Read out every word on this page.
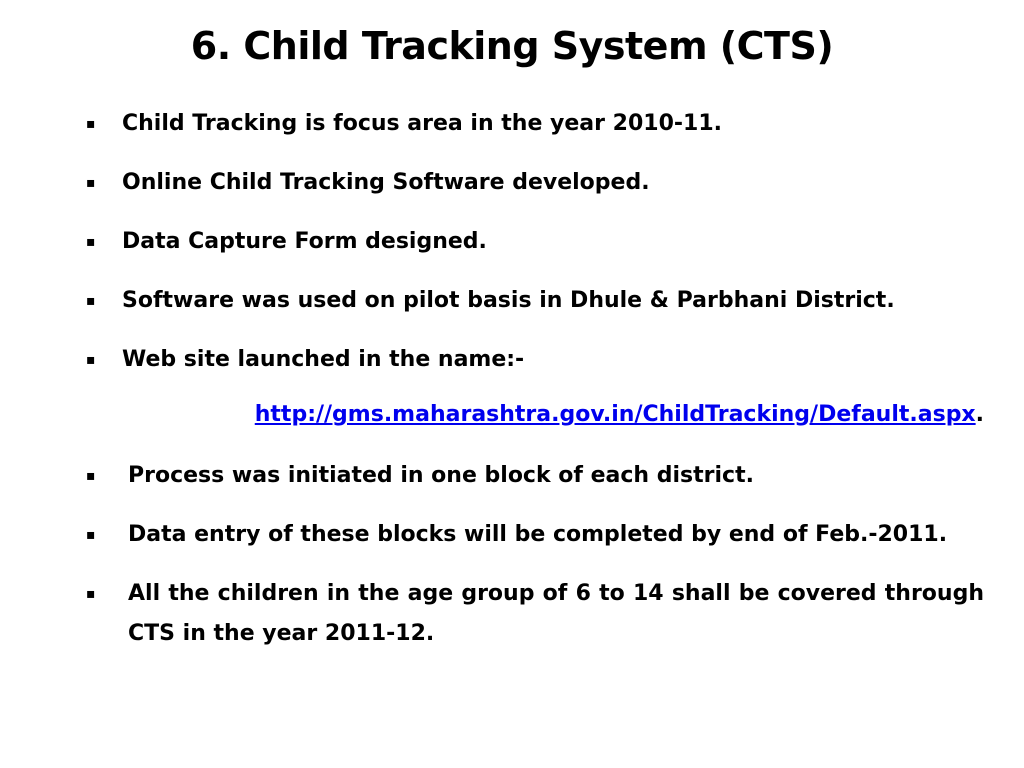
6. Child Tracking System (CTS)
▪ Child Tracking is focus area in the year 2010-11.
▪ Online Child Tracking Software developed.
▪ Data Capture Form designed.
▪ Software was used on pilot basis in Dhule & Parbhani District.
▪ Web site launched in the name:-
http://gms.maharashtra.gov.in/ChildTracking/Default.aspx.
▪ Process was initiated in one block of each district.
▪ Data entry of these blocks will be completed by end of Feb.-2011.
▪ All the children in the age group of 6 to 14 shall be covered through CTS in the year 2011-12.
